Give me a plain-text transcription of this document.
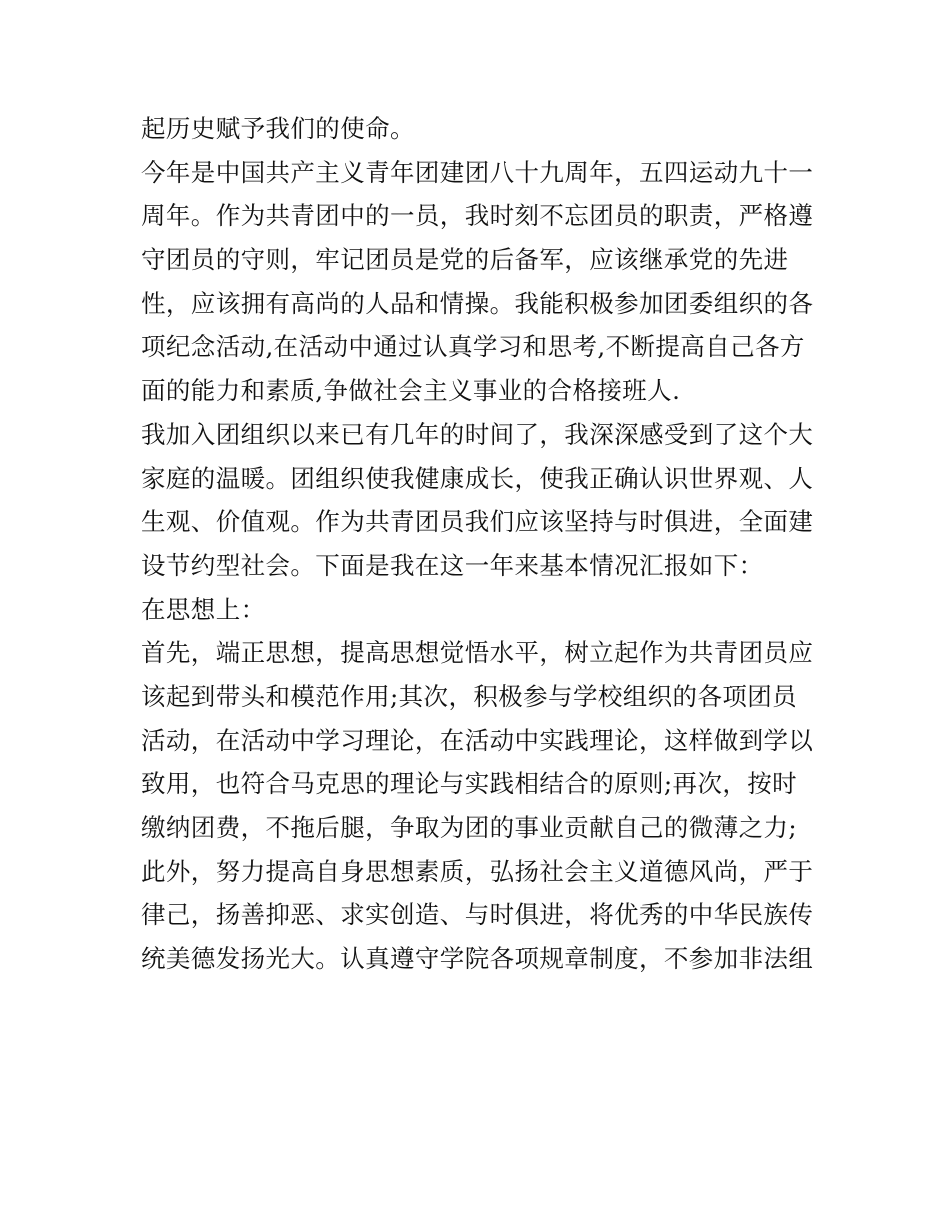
起历史赋予我们的使命。
今年是中国共产主义青年团建团八十九周年，五四运动九十一
周年。作为共青团中的一员，我时刻不忘团员的职责，严格遵
守团员的守则，牢记团员是党的后备军，应该继承党的先进
性，应该拥有高尚的人品和情操。我能积极参加团委组织的各
项纪念活动,在活动中通过认真学习和思考,不断提高自己各方
面的能力和素质,争做社会主义事业的合格接班人.
我加入团组织以来已有几年的时间了，我深深感受到了这个大
家庭的温暖。团组织使我健康成长，使我正确认识世界观、人
生观、价值观。作为共青团员我们应该坚持与时俱进，全面建
设节约型社会。下面是我在这一年来基本情况汇报如下：
在思想上：
首先，端正思想，提高思想觉悟水平，树立起作为共青团员应
该起到带头和模范作用;其次，积极参与学校组织的各项团员
活动，在活动中学习理论，在活动中实践理论，这样做到学以
致用，也符合马克思的理论与实践相结合的原则;再次，按时
缴纳团费，不拖后腿，争取为团的事业贡献自己的微薄之力;
此外，努力提高自身思想素质，弘扬社会主义道德风尚，严于
律己，扬善抑恶、求实创造、与时俱进，将优秀的中华民族传
统美德发扬光大。认真遵守学院各项规章制度，不参加非法组
